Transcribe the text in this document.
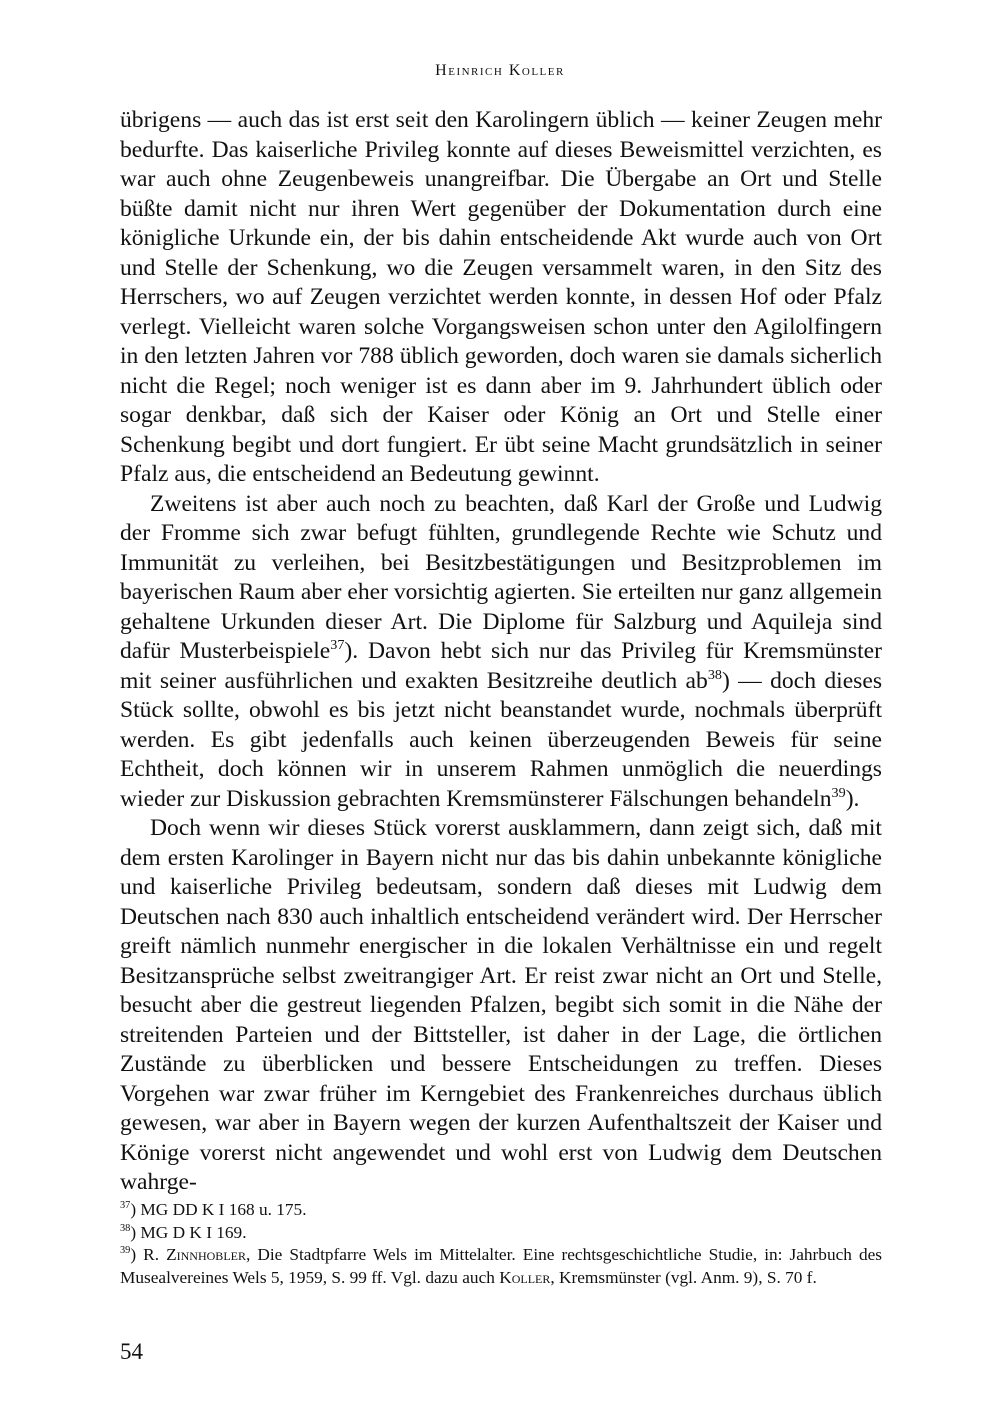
Heinrich Koller

übrigens — auch das ist erst seit den Karolingern üblich — keiner Zeugen mehr bedurfte. Das kaiserliche Privileg konnte auf dieses Beweismittel verzichten, es war auch ohne Zeugenbeweis unangreifbar. Die Übergabe an Ort und Stelle büßte damit nicht nur ihren Wert gegenüber der Dokumentation durch eine königliche Urkunde ein, der bis dahin entscheidende Akt wurde auch von Ort und Stelle der Schenkung, wo die Zeugen versammelt waren, in den Sitz des Herrschers, wo auf Zeugen verzichtet werden konnte, in dessen Hof oder Pfalz verlegt. Vielleicht waren solche Vorgangsweisen schon unter den Agilolfingern in den letzten Jahren vor 788 üblich geworden, doch waren sie damals sicherlich nicht die Regel; noch weniger ist es dann aber im 9. Jahrhundert üblich oder sogar denkbar, daß sich der Kaiser oder König an Ort und Stelle einer Schenkung begibt und dort fungiert. Er übt seine Macht grundsätzlich in seiner Pfalz aus, die entscheidend an Bedeutung gewinnt.

Zweitens ist aber auch noch zu beachten, daß Karl der Große und Ludwig der Fromme sich zwar befugt fühlten, grundlegende Rechte wie Schutz und Immunität zu verleihen, bei Besitzbestätigungen und Besitzproblemen im bayerischen Raum aber eher vorsichtig agierten. Sie erteilten nur ganz allgemein gehaltene Urkunden dieser Art. Die Diplome für Salzburg und Aquileja sind dafür Musterbeispiele$^{37}$). Davon hebt sich nur das Privileg für Kremsmünster mit seiner ausführlichen und exakten Besitzreihe deutlich $ab^{38}$) — doch dieses Stück sollte, obwohl es bis jetzt nicht beanstandet wurde, nochmals überprüft werden. Es gibt jedenfalls auch keinen überzeugenden Beweis für seine Echtheit, doch können wir in unserem Rahmen unmöglich die neuerdings wieder zur Diskussion gebrachten Kremsmünsterer Fälschungen behandeln$^{39}$).

Doch wenn wir dieses Stück vorerst ausklammern, dann zeigt sich, daß mit dem ersten Karolinger in Bayern nicht nur das bis dahin unbekannte königliche und kaiserliche Privileg bedeutsam, sondern daß dieses mit Ludwig dem Deutschen nach 830 auch inhaltlich entscheidend verändert wird. Der Herrscher greift nämlich nunmehr energischer in die lokalen Verhältnisse ein und regelt Besitzansprüche selbst zweitrangiger Art. Er reist zwar nicht an Ort und Stelle, besucht aber die gestreut liegenden Pfalzen, begibt sich somit in die Nähe der streitenden Parteien und der Bittsteller, ist daher in der Lage, die örtlichen Zustände zu überblicken und bessere Entscheidungen zu treffen. Dieses Vorgehen war zwar früher im Kerngebiet des Frankenreiches durchaus üblich gewesen, war aber in Bayern wegen der kurzen Aufenthaltszeit der Kaiser und Könige vorerst nicht angewendet und wohl erst von Ludwig dem Deutschen wahrge-

$^{37}$) MG DD K I 168 u. 175.

$^{38}$) MG D K I 169.

$^{39}$) R. Zinnhobler, Die Stadtpfarre Wels im Mittelalter. Eine rechtsgeschichtliche Studie, in: Jahrbuch des Musealvereines Wels 5, 1959, S. 99 ff. Vgl. dazu auch Koller, Kremsmünster (vgl. Anm. 9), S. 70 f.

54
